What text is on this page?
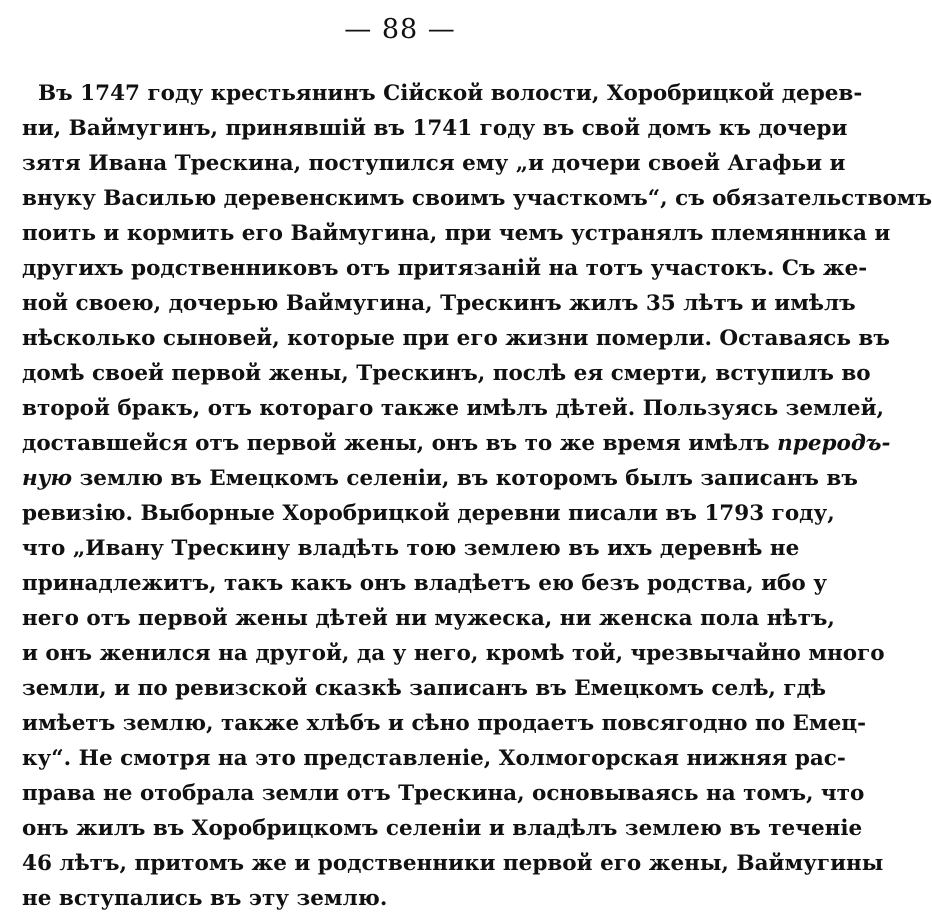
— 88 —
Въ 1747 году крестьянинъ Сійской волости, Хоробрицкой дерев-
ни, Ваймугинъ, принявшій въ 1741 году въ свой домъ къ дочери
зятя Ивана Трескина, поступился ему „и дочери своей Агафьи и
внуку Василью деревенскимъ своимъ участкомъ“, съ обязательствомъ
поить и кормить его Ваймугина, при чемъ устранялъ племянника и
другихъ родственниковъ отъ притязаній на тотъ участокъ. Съ же-
ной своею, дочерью Ваймугина, Трескинъ жилъ 35 лѣтъ и имѣлъ
нѣсколько сыновей, которые при его жизни померли. Оставаясь въ
домѣ своей первой жены, Трескинъ, послѣ ея смерти, вступилъ во
второй бракъ, отъ котораго также имѣлъ дѣтей. Пользуясь землей,
доставшейся отъ первой жены, онъ въ то же время имѣлъ преродъ-
ную землю въ Емецкомъ селеніи, въ которомъ былъ записанъ въ
ревизію. Выборные Хоробрицкой деревни писали въ 1793 году,
что „Ивану Трескину владѣть тою землею въ ихъ деревнѣ не
принадлежитъ, такъ какъ онъ владѣетъ ею безъ родства, ибо у
него отъ первой жены дѣтей ни мужеска, ни женска пола нѣтъ,
и онъ женился на другой, да у него, кромѣ той, чрезвычайно много
земли, и по ревизской сказкѣ записанъ въ Емецкомъ селѣ, гдѣ
имѣетъ землю, также хлѣбъ и сѣно продаетъ повсягодно по Емец-
ку“. Не смотря на это представленіе, Холмогорская нижняя рас-
права не отобрала земли отъ Трескина, основываясь на томъ, что
онъ жилъ въ Хоробрицкомъ селеніи и владѣлъ землею въ теченіе
46 лѣтъ, притомъ же и родственники первой его жены, Ваймугины
не вступались въ эту землю.
